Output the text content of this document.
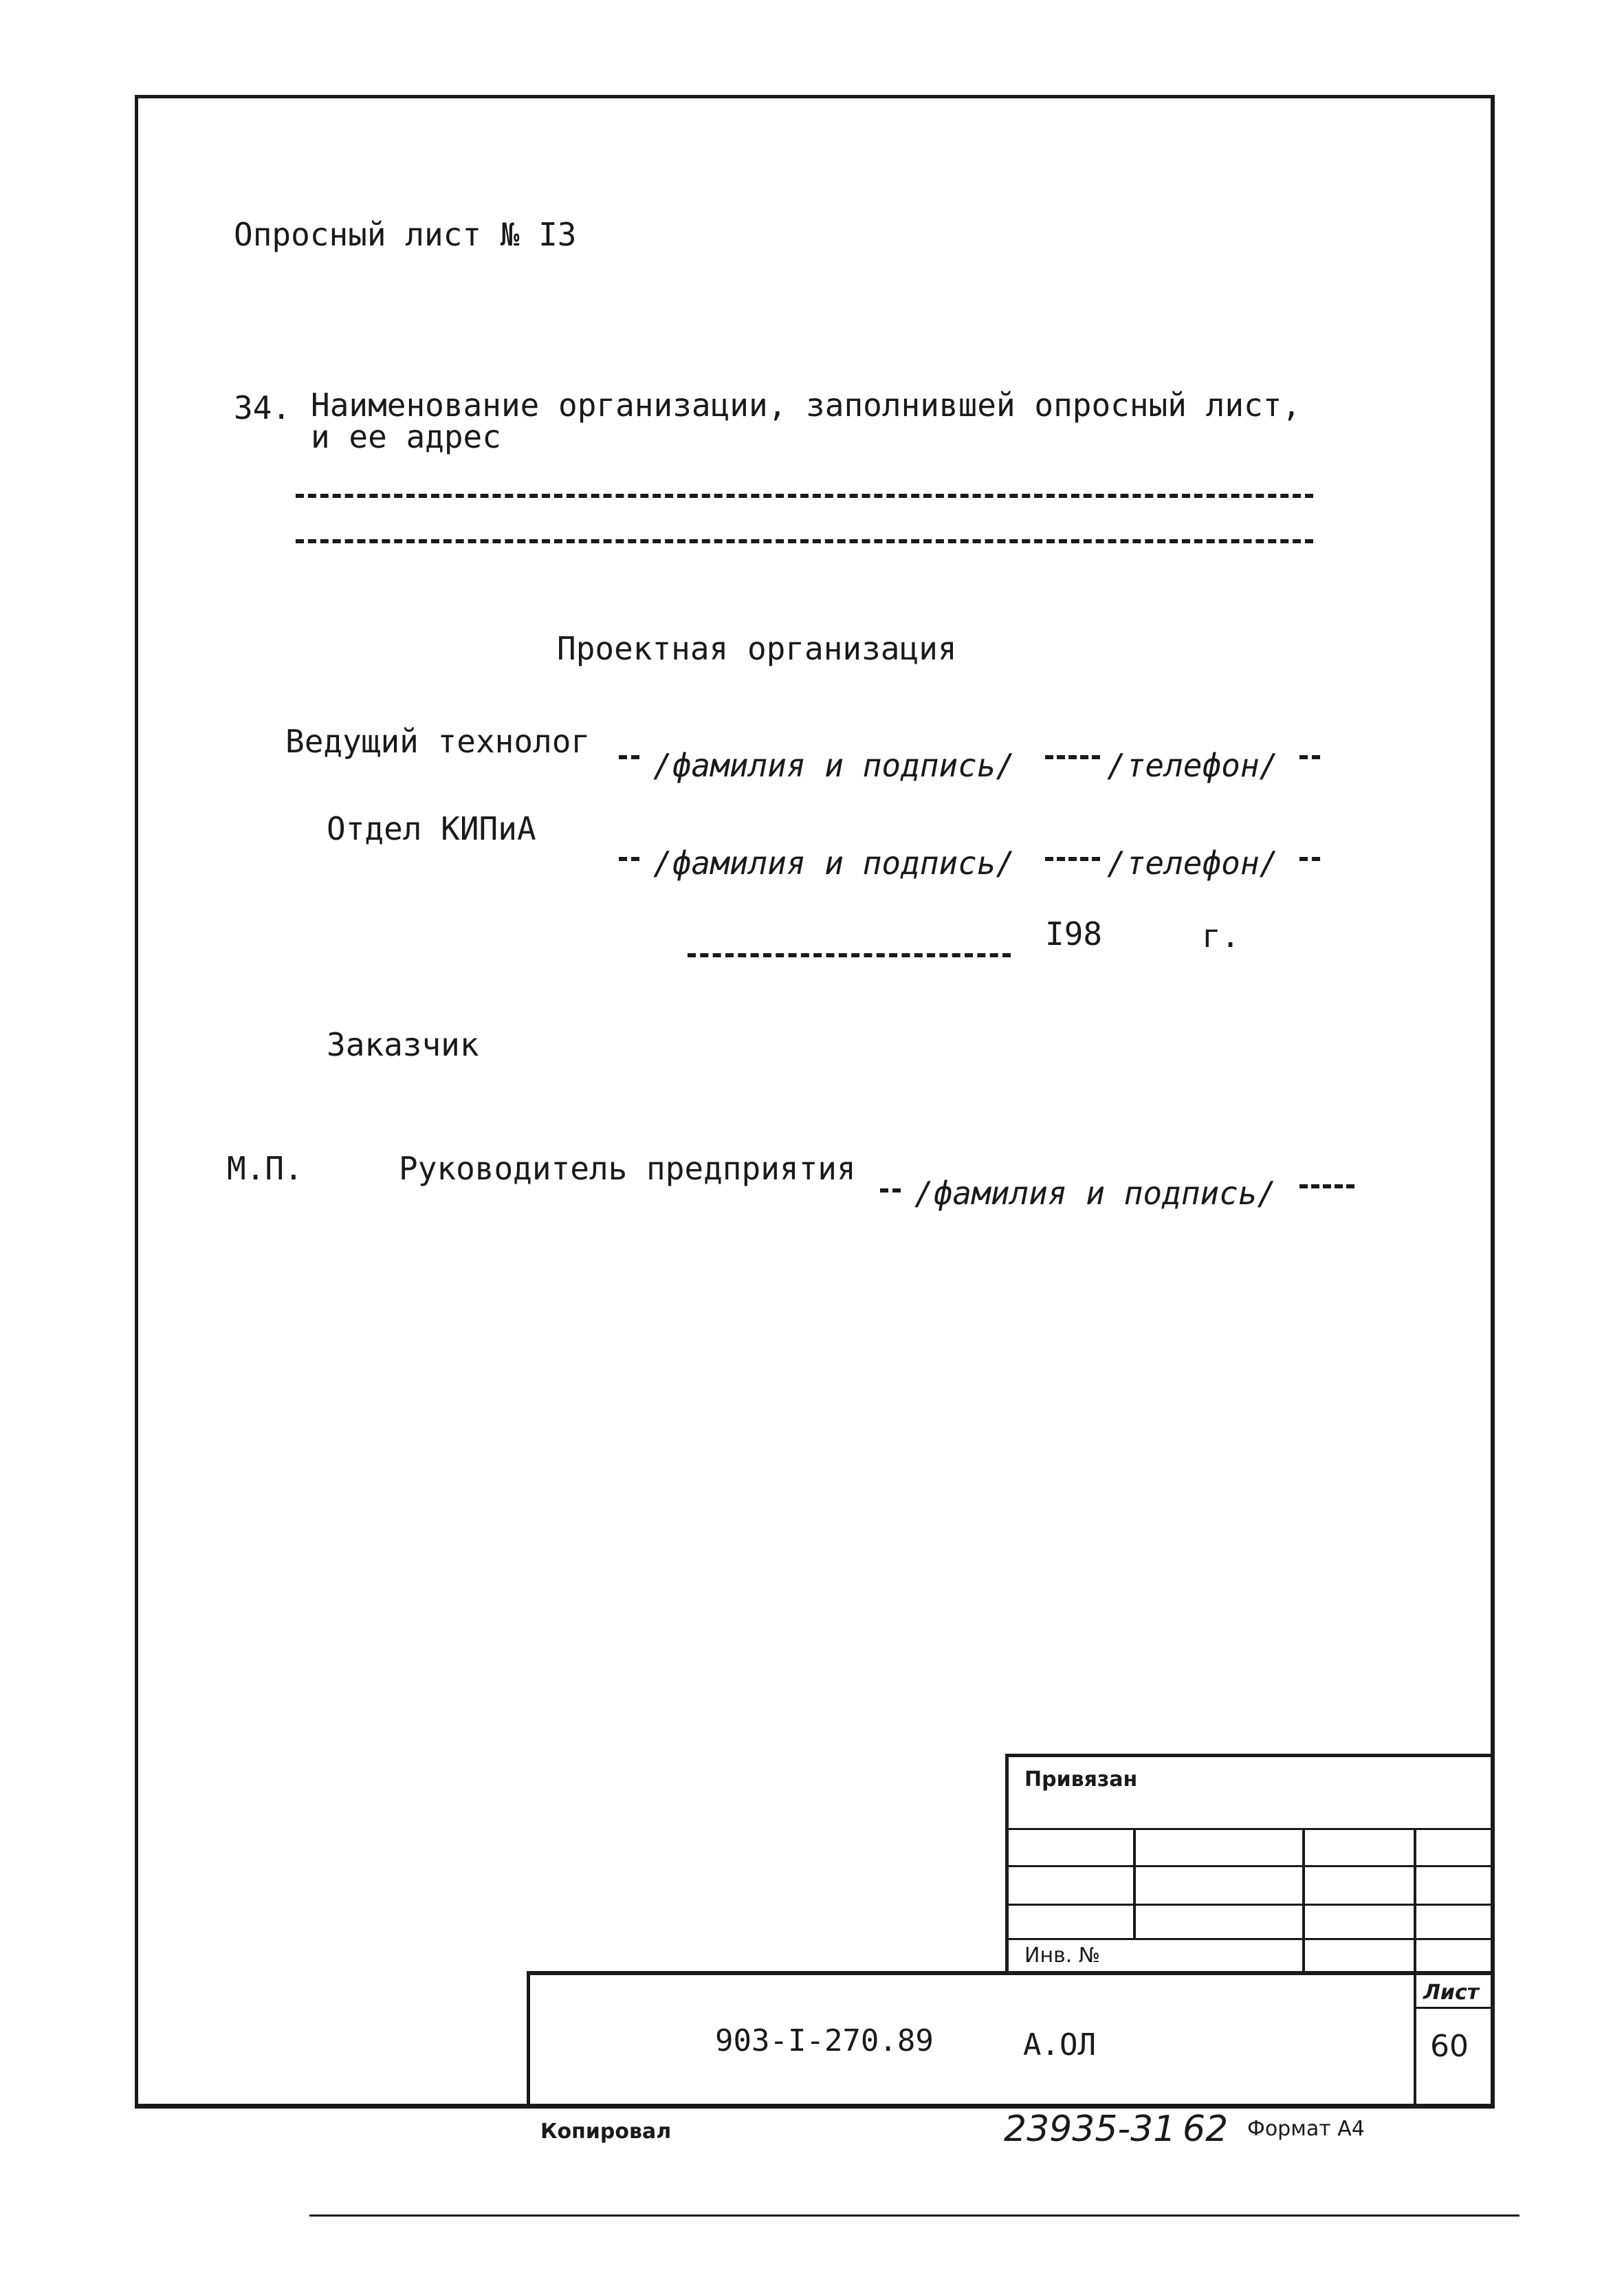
Опросный лист № I3
34. Наименование организации, заполнившей опросный лист,
и ее адрес
Проектная организация
Ведущий технолог
/фамилия и подпись/	/телефон/
Отдел КИПиА
/фамилия и подпись/	/телефон/
I98	г.
Заказчик
М.П.	Руководитель предприятия
/фамилия и подпись/
Привязан
Инв. №
903-I-270.89	А.ОЛ
Лист
60
Копировал	23935-31 62 Формат А4
